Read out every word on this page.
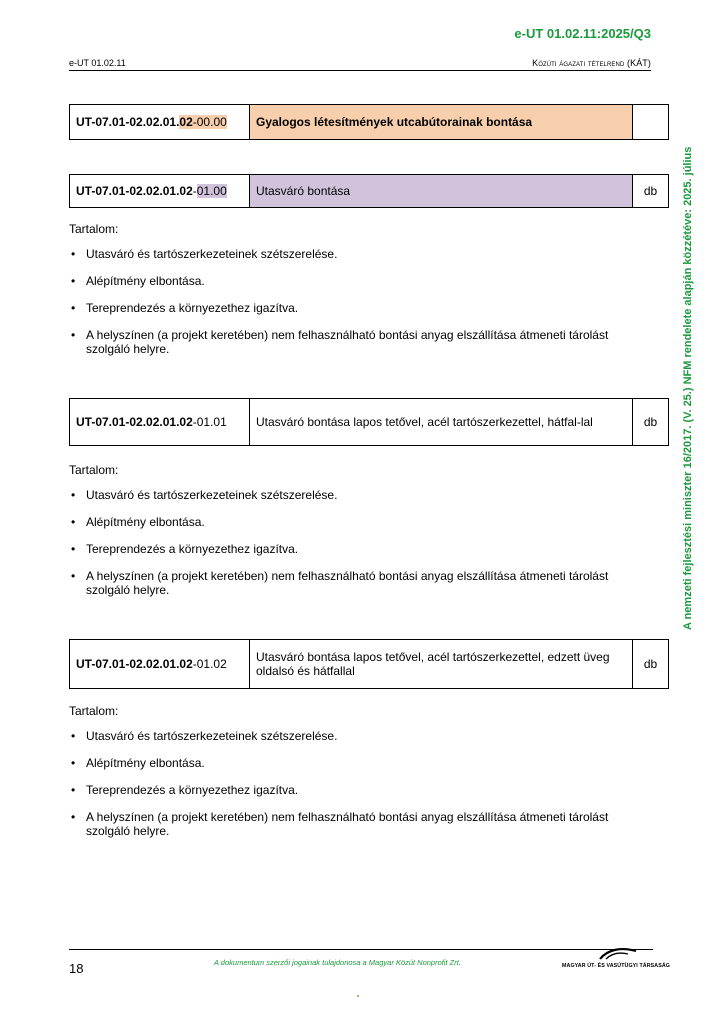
e-UT 01.02.11:2025/Q3
e-UT 01.02.11	Közúti ágazati tételrend (KÁT)
A nemzeti fejlesztési miniszter 16/2017. (V. 25.) NFM rendelete alapján közzétéve: 2025. július
UT-07.01-02.02.01. 02 -00.00	Gyalogos létesítmények utcabútorainak bontása
UT-07.01-02.02.01.02 - 01.00	Utasváró bontása	db

Tartalom:

• Utasváró és tartószerkezeteinek szétszerelése.
• Alépítmény elbontása.
• Tereprendezés a környezethez igazítva.
• A helyszínen (a projekt keretében) nem felhasználható bontási anyag elszállítása átmeneti tárolást szolgáló helyre.
UT-07.01-02.02.01.02 -01.01	Utasváró bontása lapos tetővel, acél tartószerkezettel, hátfal-lal	db

Tartalom:

• Utasváró és tartószerkezeteinek szétszerelése.
• Alépítmény elbontása.
• Tereprendezés a környezethez igazítva.
• A helyszínen (a projekt keretében) nem felhasználható bontási anyag elszállítása átmeneti tárolást szolgáló helyre.
UT-07.01-02.02.01.02 -01.02	Utasváró bontása lapos tetővel, acél tartószerkezettel, edzett üveg oldalsó és hátfallal	db

Tartalom:

• Utasváró és tartószerkezeteinek szétszerelése.
• Alépítmény elbontása.
• Tereprendezés a környezethez igazítva.
• A helyszínen (a projekt keretében) nem felhasználható bontási anyag elszállítása átmeneti tárolást szolgáló helyre.
18	A dokumentum szerzői jogainak tulajdonosa a Magyar Közút Nonprofit Zrt.	MAGYAR ÚT- ÉS VASÚTÜGYI TÁRSASÁG
